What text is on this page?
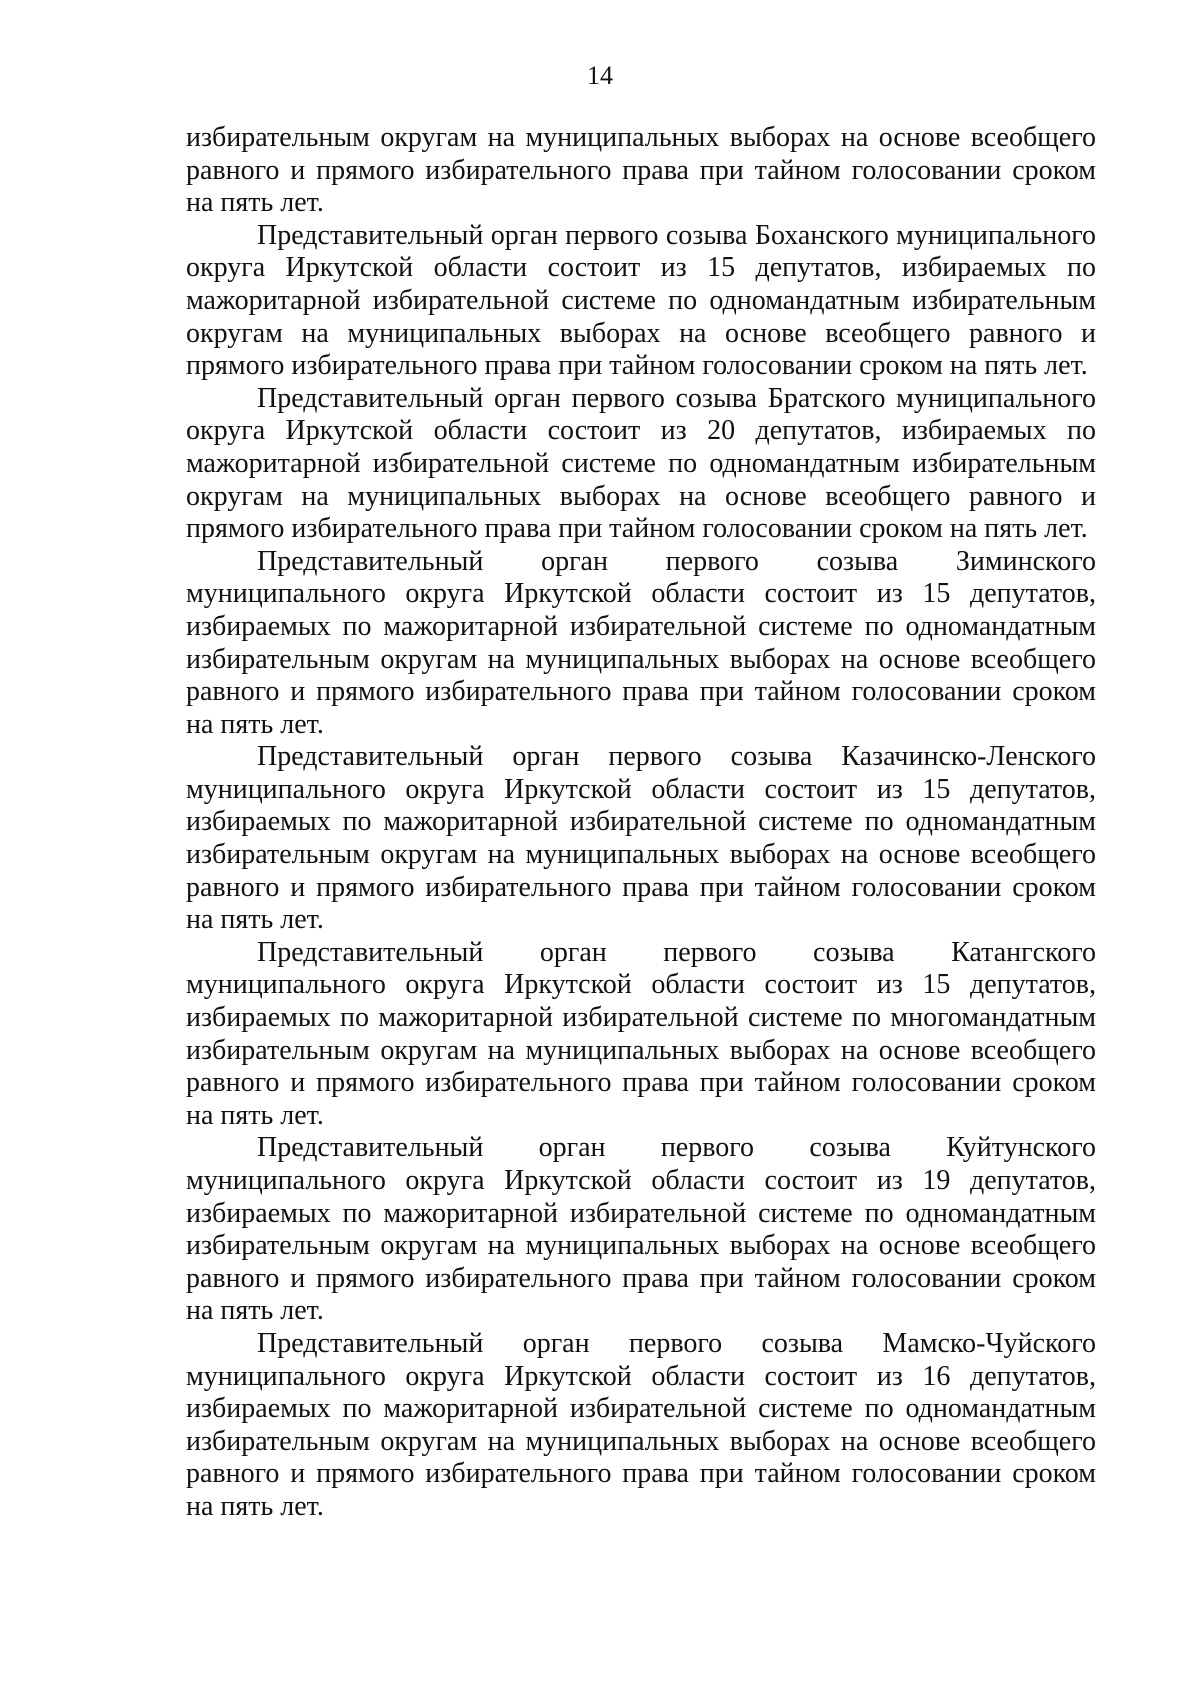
14

избирательным округам на муниципальных выборах на основе всеобщего равного и прямого избирательного права при тайном голосовании сроком на пять лет.

Представительный орган первого созыва Боханского муниципального округа Иркутской области состоит из 15 депутатов, избираемых по мажоритарной избирательной системе по одномандатным избирательным округам на муниципальных выборах на основе всеобщего равного и прямого избирательного права при тайном голосовании сроком на пять лет.

Представительный орган первого созыва Братского муниципального округа Иркутской области состоит из 20 депутатов, избираемых по мажоритарной избирательной системе по одномандатным избирательным округам на муниципальных выборах на основе всеобщего равного и прямого избирательного права при тайном голосовании сроком на пять лет.

Представительный орган первого созыва Зиминского муниципального округа Иркутской области состоит из 15 депутатов, избираемых по мажоритарной избирательной системе по одномандатным избирательным округам на муниципальных выборах на основе всеобщего равного и прямого избирательного права при тайном голосовании сроком на пять лет.

Представительный орган первого созыва Казачинско-Ленского муниципального округа Иркутской области состоит из 15 депутатов, избираемых по мажоритарной избирательной системе по одномандатным избирательным округам на муниципальных выборах на основе всеобщего равного и прямого избирательного права при тайном голосовании сроком на пять лет.

Представительный орган первого созыва Катангского муниципального округа Иркутской области состоит из 15 депутатов, избираемых по мажоритарной избирательной системе по многомандатным избирательным округам на муниципальных выборах на основе всеобщего равного и прямого избирательного права при тайном голосовании сроком на пять лет.

Представительный орган первого созыва Куйтунского муниципального округа Иркутской области состоит из 19 депутатов, избираемых по мажоритарной избирательной системе по одномандатным избирательным округам на муниципальных выборах на основе всеобщего равного и прямого избирательного права при тайном голосовании сроком на пять лет.

Представительный орган первого созыва Мамско-Чуйского муниципального округа Иркутской области состоит из 16 депутатов, избираемых по мажоритарной избирательной системе по одномандатным избирательным округам на муниципальных выборах на основе всеобщего равного и прямого избирательного права при тайном голосовании сроком на пять лет.
